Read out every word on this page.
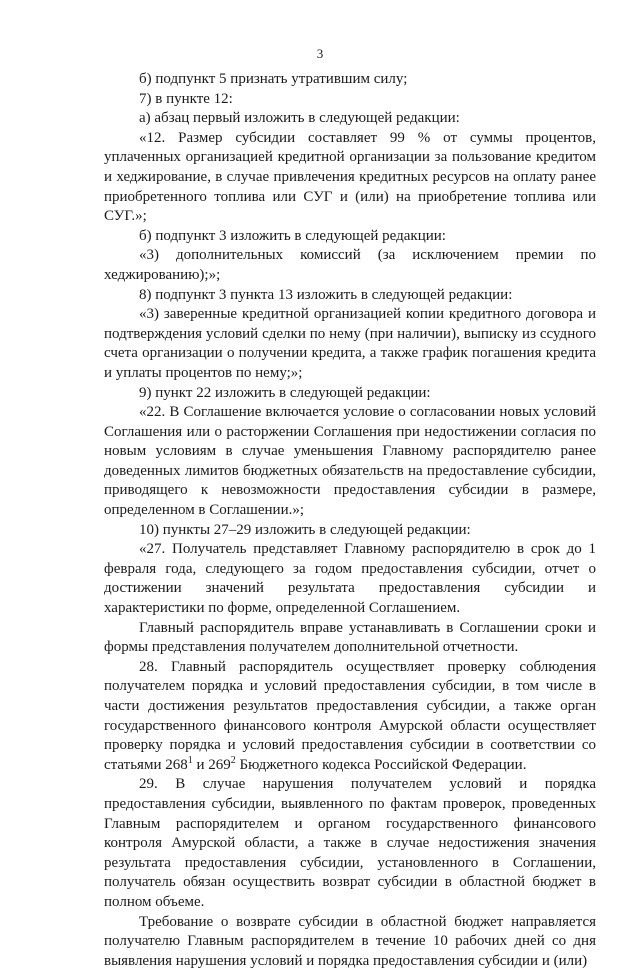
3

б) подпункт 5 признать утратившим силу;

7) в пункте 12:

а) абзац первый изложить в следующей редакции:

«12. Размер субсидии составляет 99 % от суммы процентов, уплаченных организацией кредитной организации за пользование кредитом и хеджирование, в случае привлечения кредитных ресурсов на оплату ранее приобретенного топлива или СУГ и (или) на приобретение топлива или СУГ.»;

б) подпункт 3 изложить в следующей редакции:

«3) дополнительных комиссий (за исключением премии по хеджированию);»;

8) подпункт 3 пункта 13 изложить в следующей редакции:

«3) заверенные кредитной организацией копии кредитного договора и подтверждения условий сделки по нему (при наличии), выписку из ссудного счета организации о получении кредита, а также график погашения кредита и уплаты процентов по нему;»;

9) пункт 22 изложить в следующей редакции:

«22. В Соглашение включается условие о согласовании новых условий Соглашения или о расторжении Соглашения при недостижении согласия по новым условиям в случае уменьшения Главному распорядителю ранее доведенных лимитов бюджетных обязательств на предоставление субсидии, приводящего к невозможности предоставления субсидии в размере, определенном в Соглашении.»;

10) пункты 27–29 изложить в следующей редакции:

«27. Получатель представляет Главному распорядителю в срок до 1 февраля года, следующего за годом предоставления субсидии, отчет о достижении значений результата предоставления субсидии и характеристики по форме, определенной Соглашением.

Главный распорядитель вправе устанавливать в Соглашении сроки и формы представления получателем дополнительной отчетности.

28. Главный распорядитель осуществляет проверку соблюдения получателем порядка и условий предоставления субсидии, в том числе в части достижения результатов предоставления субсидии, а также орган государственного финансового контроля Амурской области осуществляет проверку порядка и условий предоставления субсидии в соответствии со статьями $268^1$ и $269^2$ Бюджетного кодекса Российской Федерации.

29. В случае нарушения получателем условий и порядка предоставления субсидии, выявленного по фактам проверок, проведенных Главным распорядителем и органом государственного финансового контроля Амурской области, а также в случае недостижения значения результата предоставления субсидии, установленного в Соглашении, получатель обязан осуществить возврат субсидии в областной бюджет в полном объеме.

Требование о возврате субсидии в областной бюджет направляется получателю Главным распорядителем в течение 10 рабочих дней со дня выявления нарушения условий и порядка предоставления субсидии и (или)
